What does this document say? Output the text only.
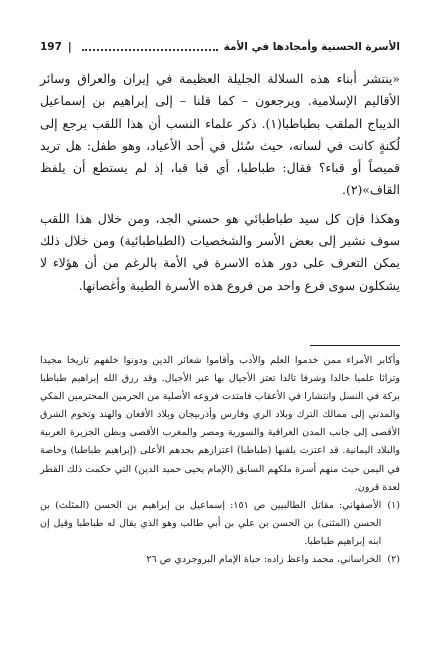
الأسرة الحسنية وأمجادها في الأمة
|
197

«ينتشر أبناء هذه السلالة الجليلة العظيمة في إيران والعراق وسائر الأقاليم الإسلامية. ويرجعون – كما قلنا – إلى إبراهيم بن إسماعيل الديباج الملقب بطباطبا(١). ذكر علماء النسب أن هذا اللقب يرجع إلى لُكنةٍ كانت في لسانه، حيث سُئل في أحد الأعياد، وهو طفل: هل تريد قميصاً أو قباء؟ فقال: طباطبا، أي قبا قبا، إذ لم يستطع أن يلفظ القاف»(٢).

وهكذا فإن كل سيد طباطبائي هو حسني الجد، ومن خلال هذا اللقب سوف نشير إلى بعض الأسر والشخصيات (الطباطبائية) ومن خلال ذلك يمكن التعرف على دور هذه الاسرة في الأمة بالرغم من أن هؤلاء لا يشكلون سوى فرع واحد من فروع هذه الأسرة الطيبة وأغصانها.

وأكابر الأمراء ممن خدموا العلم والأدب وأقاموا شعائر الدين ودونوا خلفهم تاريخا مجيدا وتراثا علميا خالدا وشرفا تالدا تعتز الأجيال بها عبر الأجيال. وقد رزق الله إبراهيم طباطبا بركة في النسل وانتشارا في الأعقاب فامتدت فروعه الأصلية من الحرمين المحترمين المكي والمدني إلى ممالك الترك وبلاد الري وفارس وأذربيجان وبلاد الأفغان والهند وتخوم الشرق الأقصى إلى جانب المدن العراقية والسورية ومصر والمغرب الأقصى وبطن الجزيرة العربية والبلاد اليمانية. قد اعتزت بلقبها (طباطبا) اعتزازهم بجدهم الأعلى (إبراهيم طباطبا) وخاصة في اليمن حيث منهم أسرة ملكهم السابق (الإمام يحيى حميد الدين) التي حكمت ذلك القطر لعدة قرون.

(١)
الأصفهاني: مقاتل الطالبيين ص ١٥١: إسماعيل بن إبراهيم بن الحسن (المثلث) بن الحسن (المثنى) بن الحسن بن علي بن أبي طالب وهو الذي يقال له طباطبا وقيل إن ابنه إبراهيم طباطبا.
(٢)
الخراساني، محمد واعظ زاده: حياة الإمام البروجردي ص ٢٦
